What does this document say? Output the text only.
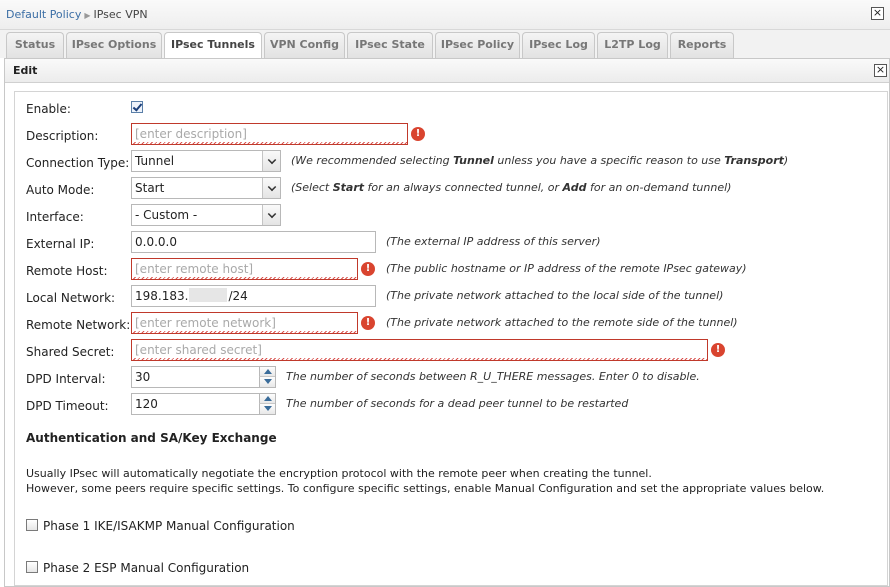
Default Policy ▶ IPsec VPN	×
Status	IPsec Options	IPsec Tunnels	VPN Config	IPsec State	IPsec Policy	IPsec Log	L2TP Log	Reports
Edit	×
Enable:
Description:	[enter description]	!
Connection Type: Tunnel	(We recommended selecting Tunnel unless you have a specific reason to use Transport)
Auto Mode:	Start	(Select Start for an always connected tunnel, or Add for an on-demand tunnel)
Interface:	- Custom -
External IP:	0.0.0.0	(The external IP address of this server)
Remote Host:	[enter remote host]	!	(The public hostname or IP address of the remote IPsec gateway)
Local Network:	198.183.	/24	(The private network attached to the local side of the tunnel)
Remote Network: [enter remote network]	!	(The private network attached to the remote side of the tunnel)
Shared Secret:	[enter shared secret]	!
DPD Interval:	30	The number of seconds between R_U_THERE messages. Enter 0 to disable.
DPD Timeout:	120	The number of seconds for a dead peer tunnel to be restarted
Authentication and SA/Key Exchange
Usually IPsec will automatically negotiate the encryption protocol with the remote peer when creating the tunnel.
However, some peers require specific settings. To configure specific settings, enable Manual Configuration and set the appropriate values below.
Phase 1 IKE/ISAKMP Manual Configuration
Phase 2 ESP Manual Configuration
